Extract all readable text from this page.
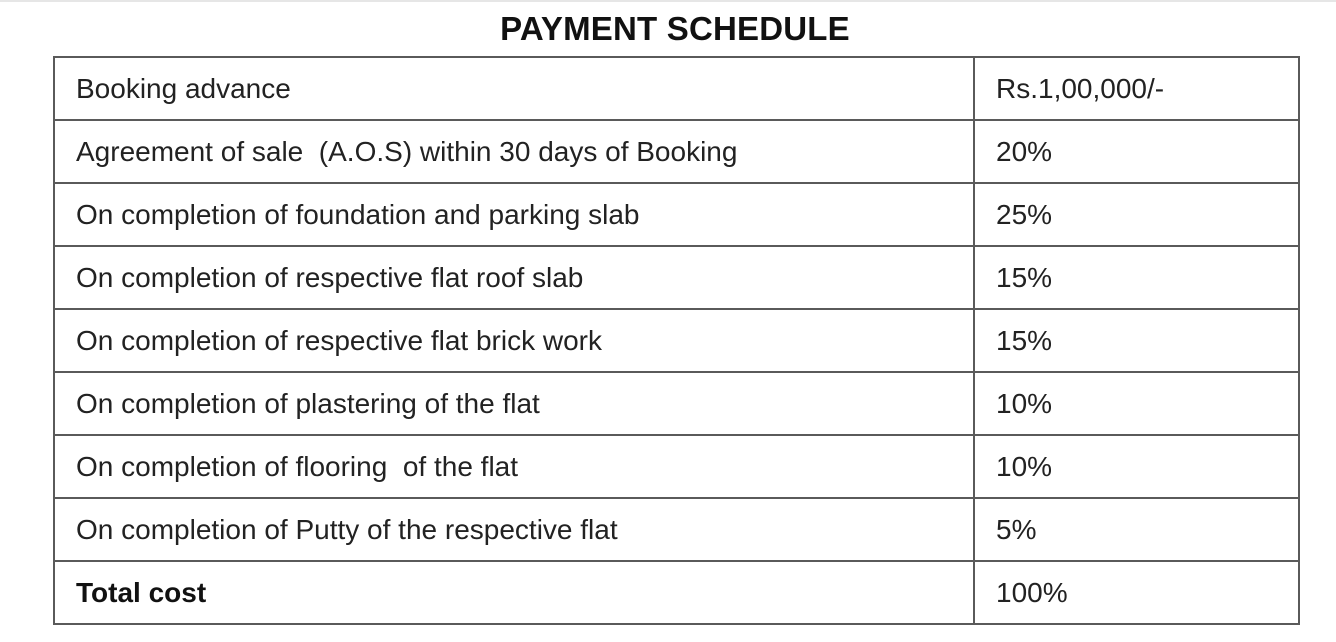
PAYMENT SCHEDULE
Booking advance	Rs.1,00,000/-
Agreement of sale  (A.O.S) within 30 days of Booking	20%
On completion of foundation and parking slab	25%
On completion of respective flat roof slab	15%
On completion of respective flat brick work	15%
On completion of plastering of the flat	10%
On completion of flooring  of the flat	10%
On completion of Putty of the respective flat	5%
Total cost	100%
